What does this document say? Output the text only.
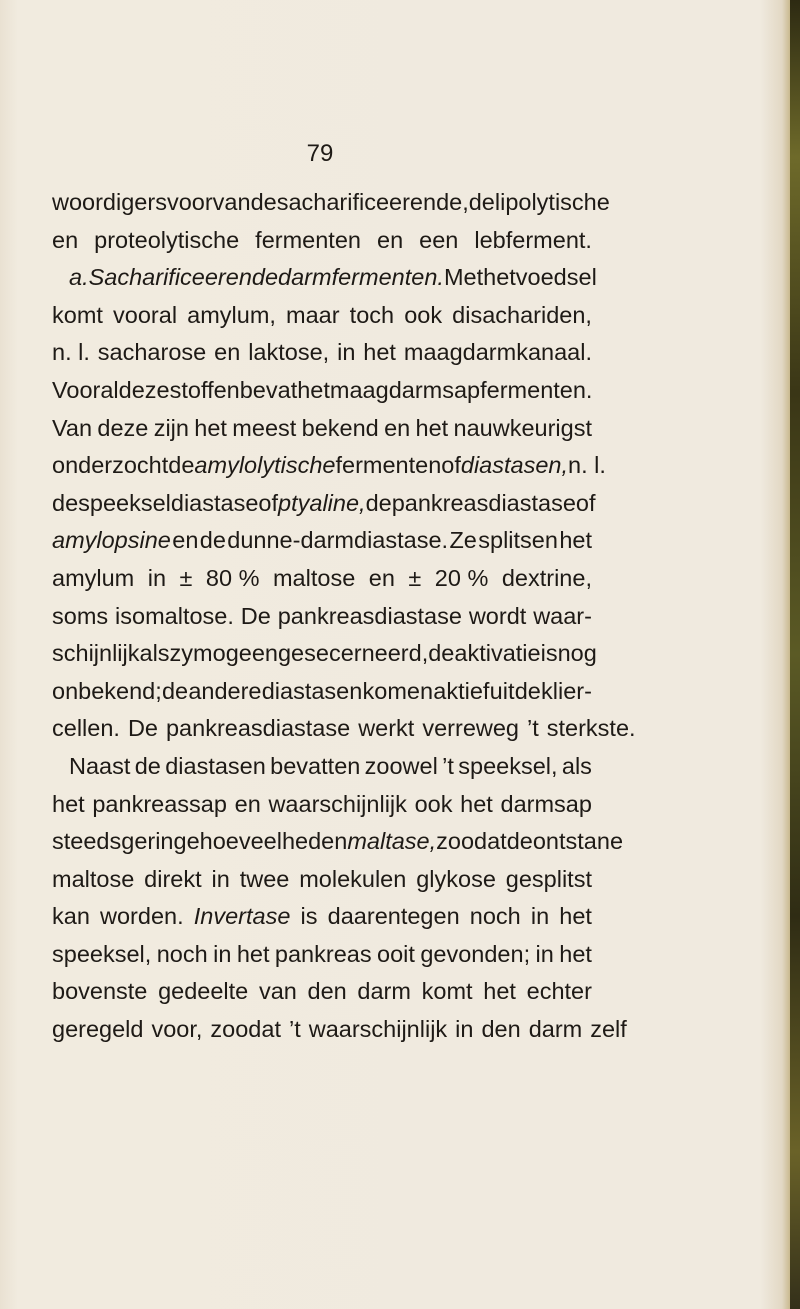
79
woordigers voor van de sacharificeerende, de lipolytische
en proteolytische fermenten en een lebferment.
a. Sacharificeerende darmfermenten. Met het voedsel
komt vooral amylum, maar toch ook disachariden,
n. l. sacharose en laktose, in het maagdarmkanaal.
Voor al deze stoffen bevat het maagdarmsap fermenten.
Van deze zijn het meest bekend en het nauwkeurigst
onderzocht de amylolytische fermenten of diastasen, n. l.
de speekseldiastase of ptyaline, de pankreasdiastase of
amylopsine en de dunne-darmdiastase. Ze splitsen het
amylum in ± 80 % maltose en ± 20 % dextrine,
soms isomaltose. De pankreasdiastase wordt waar-
schijnlijk als zymogeen gesecerneerd, de aktivatie is nog
onbekend; de andere diastasen komen aktief uit de klier-
cellen. De pankreasdiastase werkt verreweg ’t sterkste.
Naast de diastasen bevatten zoowel ’t speeksel, als
het pankreassap en waarschijnlijk ook het darmsap
steeds geringe hoeveelheden maltase, zoodat de ontstane
maltose direkt in twee molekulen glykose gesplitst
kan worden. Invertase is daarentegen noch in het
speeksel, noch in het pankreas ooit gevonden; in het
bovenste gedeelte van den darm komt het echter
geregeld voor, zoodat ’t waarschijnlijk in den darm zelf
